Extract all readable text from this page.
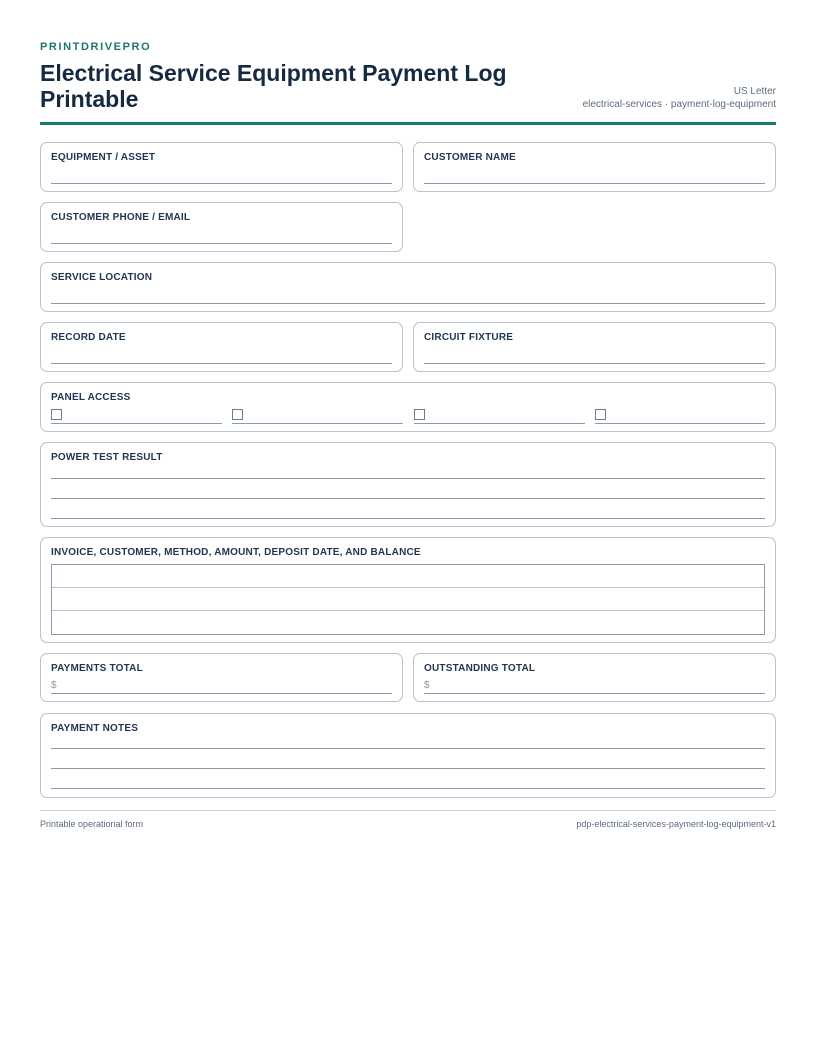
PRINTDRIVEPRO
Electrical Service Equipment Payment Log Printable	US Letter
electrical-services · payment-log-equipment
EQUIPMENT / ASSET	CUSTOMER NAME
CUSTOMER PHONE / EMAIL
SERVICE LOCATION
RECORD DATE	CIRCUIT FIXTURE
PANEL ACCESS
POWER TEST RESULT
INVOICE, CUSTOMER, METHOD, AMOUNT, DEPOSIT DATE, AND BALANCE
PAYMENTS TOTAL
$
OUTSTANDING TOTAL
$
PAYMENT NOTES
Printable operational form	pdp-electrical-services-payment-log-equipment-v1
